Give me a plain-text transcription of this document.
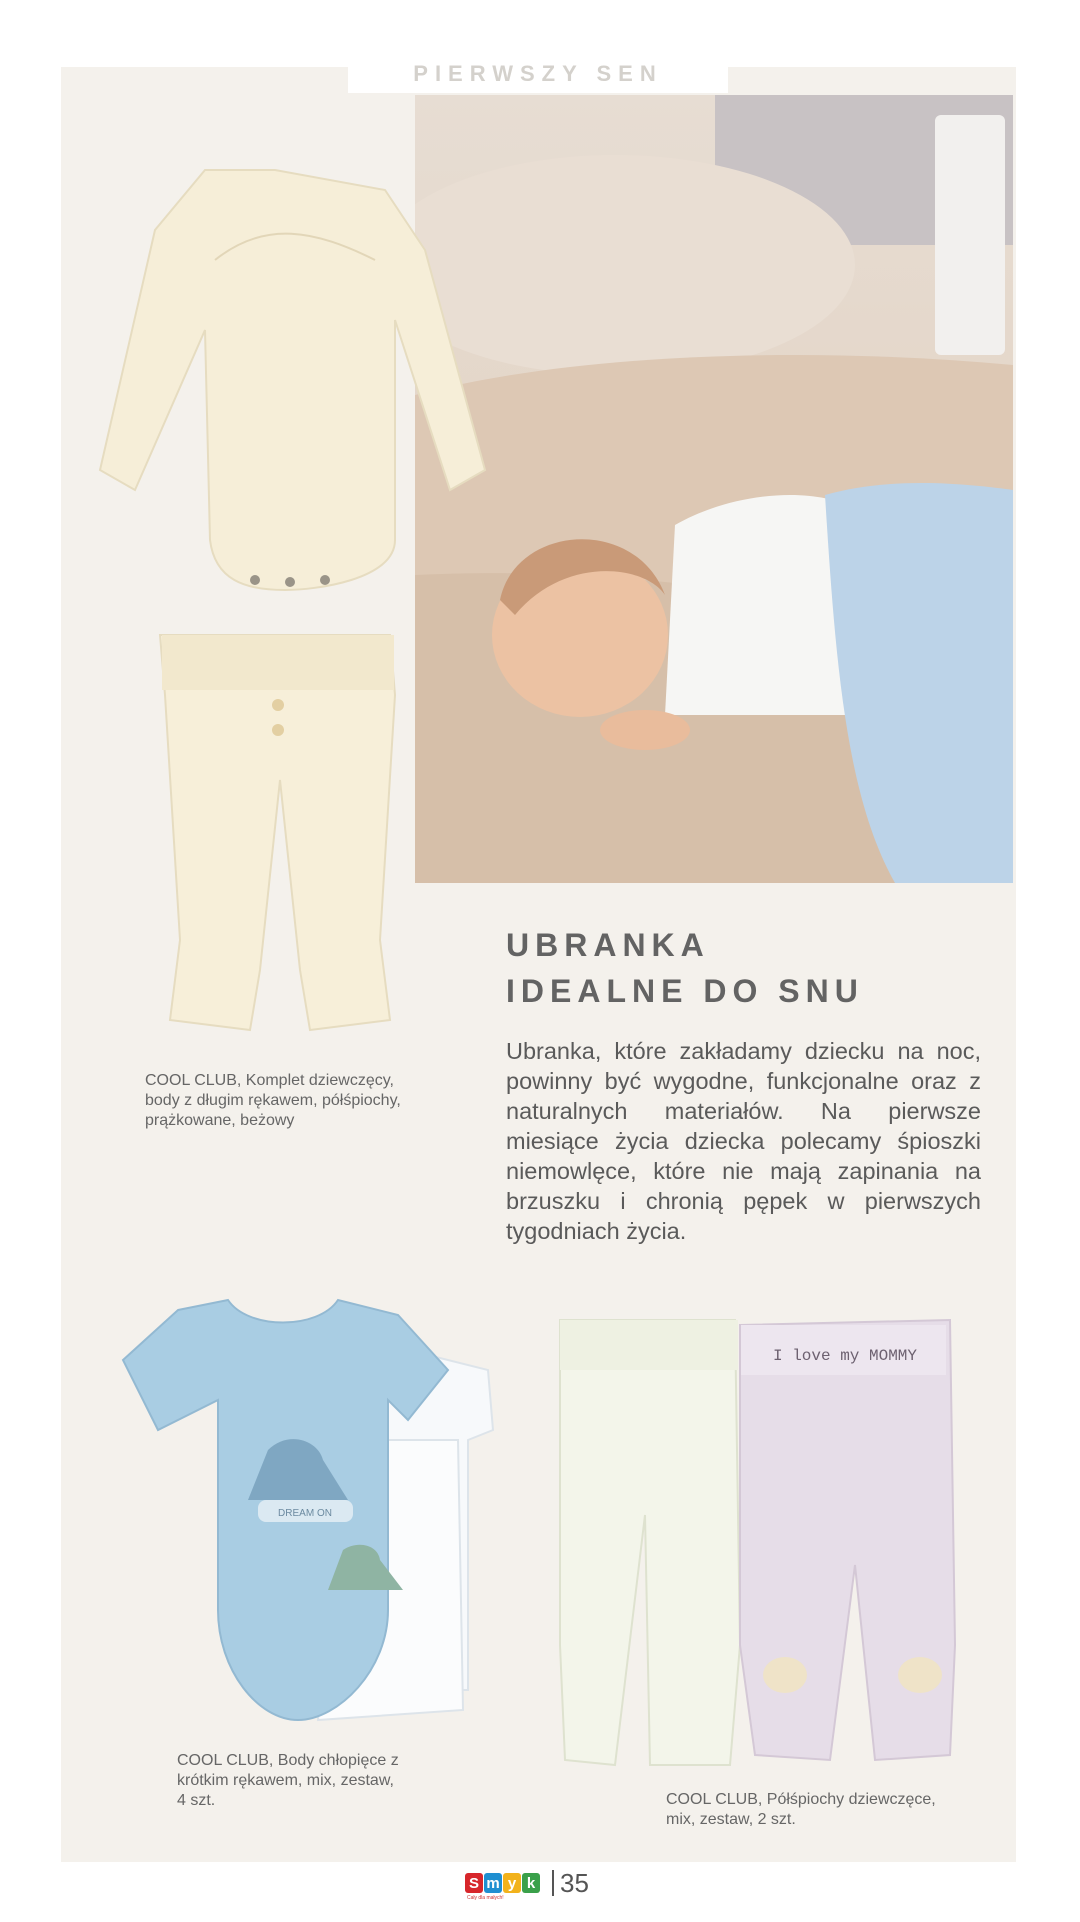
PIERWSZY SEN
COOL CLUB, Komplet dziewczęcy, body z długim rękawem, półśpiochy, prążkowane, beżowy
UBRANKA
IDEALNE DO SNU
Ubranka, które zakładamy dziecku na noc, powinny być wygodne, funkcjonalne oraz z naturalnych materiałów. Na pierwsze miesiące życia dziecka polecamy śpioszki niemowlęce, które nie mają zapinania na brzuszku i chronią pępek w pierwszych tygodniach życia.
DREAM ON
COOL CLUB, Body chłopięce z krótkim rękawem, mix, zestaw, 4 szt.
I love my MOMMY
COOL CLUB, Półśpiochy dziewczęce, mix, zestaw, 2 szt.
S m y k
Cały dla małych!	35
